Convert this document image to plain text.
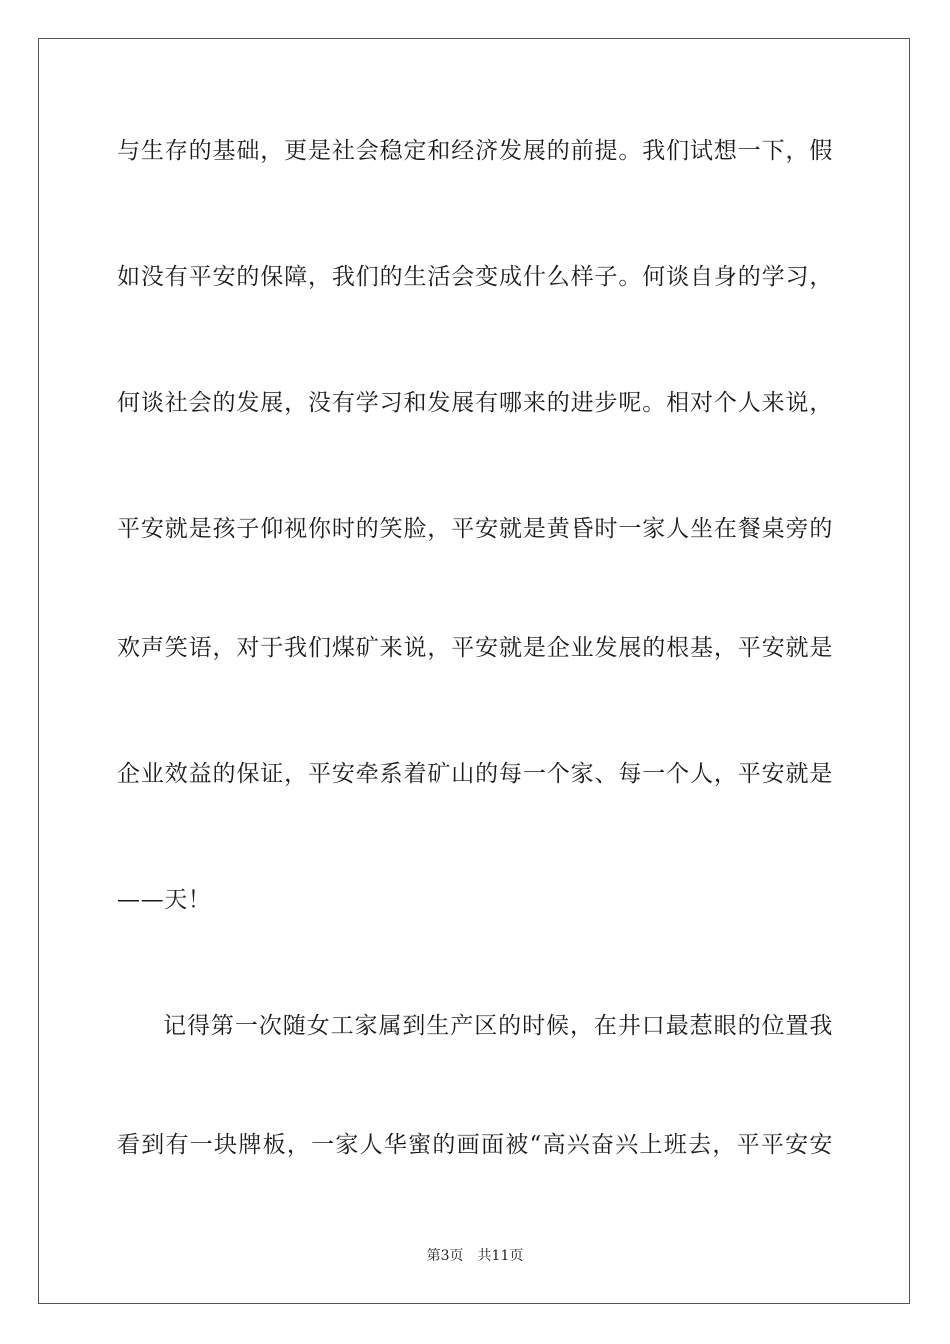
与生存的基础，更是社会稳定和经济发展的前提。我们试想一下，假
如没有平安的保障，我们的生活会变成什么样子。何谈自身的学习，
何谈社会的发展，没有学习和发展有哪来的进步呢。相对个人来说，
平安就是孩子仰视你时的笑脸，平安就是黄昏时一家人坐在餐桌旁的
欢声笑语，对于我们煤矿来说，平安就是企业发展的根基，平安就是
企业效益的保证，平安牵系着矿山的每一个家、每一个人，平安就是
——天！
记得第一次随女工家属到生产区的时候，在井口最惹眼的位置我
看到有一块牌板，一家人华蜜的画面被“高兴奋兴上班去，平平安安
第3页　共11页
